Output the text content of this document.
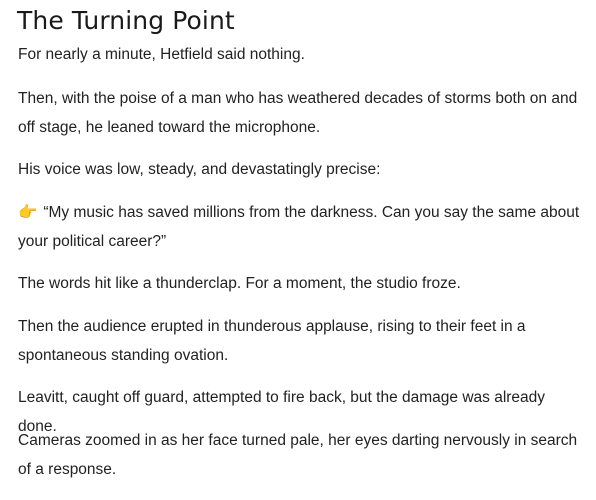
The Turning Point

For nearly a minute, Hetfield said nothing.

Then, with the poise of a man who has weathered decades of storms both on and off stage, he leaned toward the microphone.

His voice was low, steady, and devastatingly precise:

👉 “My music has saved millions from the darkness. Can you say the same about your political career?”

The words hit like a thunderclap. For a moment, the studio froze.

Then the audience erupted in thunderous applause, rising to their feet in a spontaneous standing ovation.

Leavitt, caught off guard, attempted to fire back, but the damage was already done.

Cameras zoomed in as her face turned pale, her eyes darting nervously in search of a response.
